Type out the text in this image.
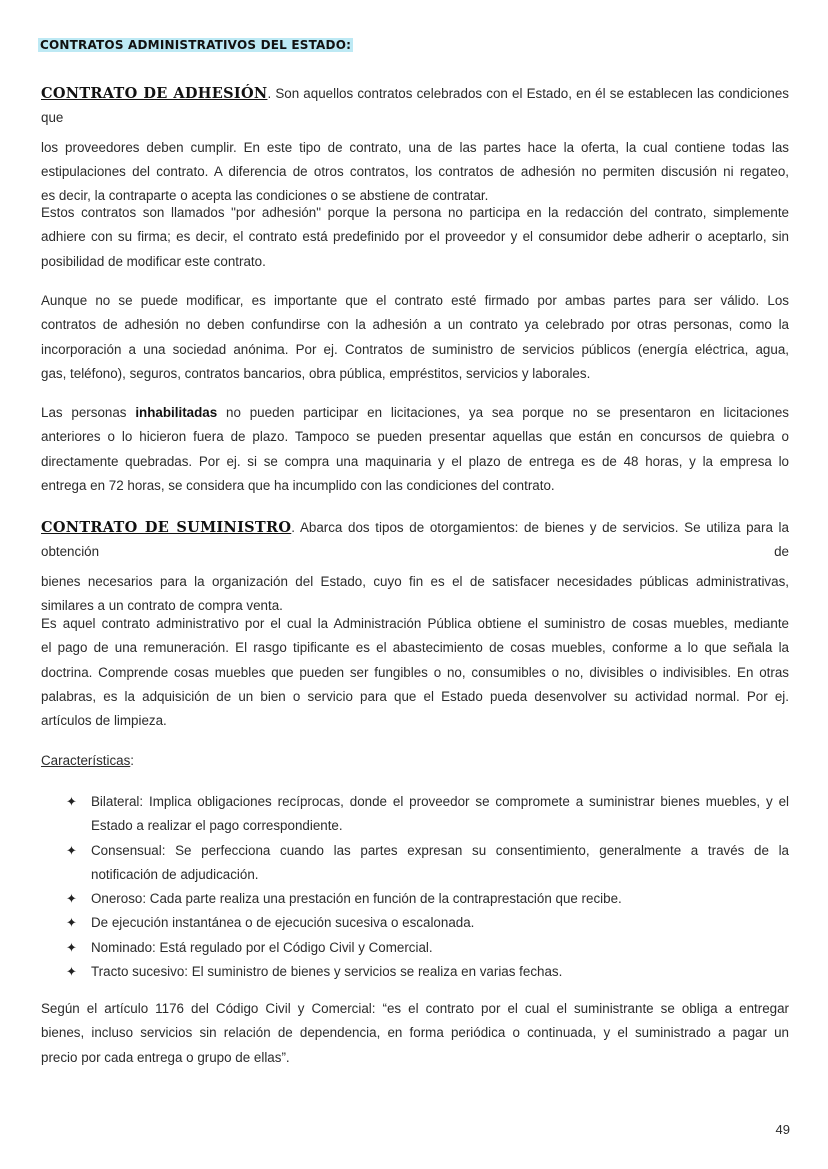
CONTRATOS ADMINISTRATIVOS DEL ESTADO:
CONTRATO DE ADHESIÓN. Son aquellos contratos celebrados con el Estado, en él se establecen las condiciones que
los proveedores deben cumplir. En este tipo de contrato, una de las partes hace la oferta, la cual contiene todas las
estipulaciones del contrato. A diferencia de otros contratos, los contratos de adhesión no permiten discusión ni regateo,
es decir, la contraparte o acepta las condiciones o se abstiene de contratar.
Estos contratos son llamados "por adhesión" porque la persona no participa en la redacción del contrato, simplemente
adhiere con su firma; es decir, el contrato está predefinido por el proveedor y el consumidor debe adherir o aceptarlo, sin
posibilidad de modificar este contrato.
Aunque no se puede modificar, es importante que el contrato esté firmado por ambas partes para ser válido. Los
contratos de adhesión no deben confundirse con la adhesión a un contrato ya celebrado por otras personas, como la
incorporación a una sociedad anónima. Por ej. Contratos de suministro de servicios públicos (energía eléctrica, agua,
gas, teléfono), seguros, contratos bancarios, obra pública, empréstitos, servicios y laborales.
Las personas inhabilitadas no pueden participar en licitaciones, ya sea porque no se presentaron en licitaciones
anteriores o lo hicieron fuera de plazo. Tampoco se pueden presentar aquellas que están en concursos de quiebra o
directamente quebradas. Por ej. si se compra una maquinaria y el plazo de entrega es de 48 horas, y la empresa lo
entrega en 72 horas, se considera que ha incumplido con las condiciones del contrato.
CONTRATO DE SUMINISTRO. Abarca dos tipos de otorgamientos: de bienes y de servicios. Se utiliza para la obtención de
bienes necesarios para la organización del Estado, cuyo fin es el de satisfacer necesidades públicas administrativas,
similares a un contrato de compra venta.
Es aquel contrato administrativo por el cual la Administración Pública obtiene el suministro de cosas muebles, mediante
el pago de una remuneración. El rasgo tipificante es el abastecimiento de cosas muebles, conforme a lo que señala la
doctrina. Comprende cosas muebles que pueden ser fungibles o no, consumibles o no, divisibles o indivisibles. En otras
palabras, es la adquisición de un bien o servicio para que el Estado pueda desenvolver su actividad normal. Por ej.
artículos de limpieza.
Características:
✦ Bilateral: Implica obligaciones recíprocas, donde el proveedor se compromete a suministrar bienes muebles, y el
Estado a realizar el pago correspondiente.
✦ Consensual: Se perfecciona cuando las partes expresan su consentimiento, generalmente a través de la
notificación de adjudicación.
✦ Oneroso: Cada parte realiza una prestación en función de la contraprestación que recibe.
✦ De ejecución instantánea o de ejecución sucesiva o escalonada.
✦ Nominado: Está regulado por el Código Civil y Comercial.
✦ Tracto sucesivo: El suministro de bienes y servicios se realiza en varias fechas.
Según el artículo 1176 del Código Civil y Comercial: “es el contrato por el cual el suministrante se obliga a entregar
bienes, incluso servicios sin relación de dependencia, en forma periódica o continuada, y el suministrado a pagar un
precio por cada entrega o grupo de ellas”.
49
